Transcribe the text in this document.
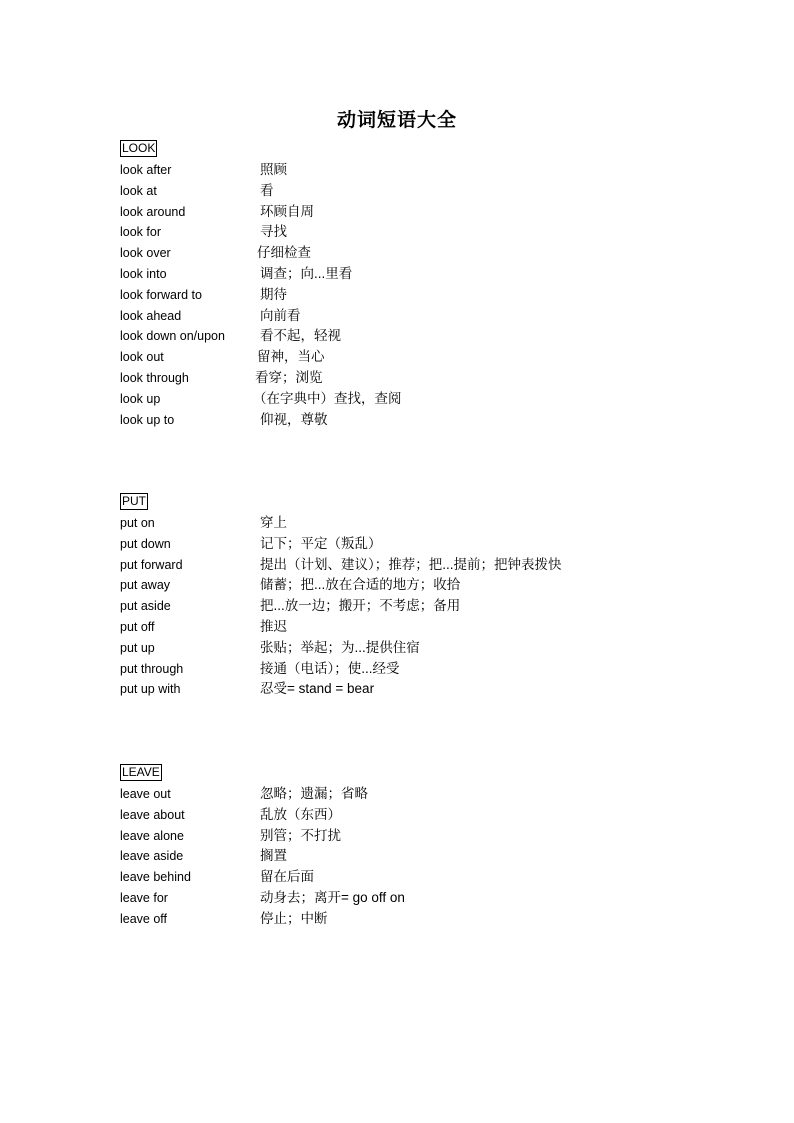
动词短语大全
LOOK
look after	照顾
look at	看
look around	环顾自周
look for	寻找
look over	仔细检查
look into	调查；向...里看
look forward to	期待
look ahead	向前看
look down on/upon	看不起，轻视
look out	留神，当心
look through	看穿；浏览
look up	（在字典中）查找，查阅
look up to	仰视，尊敬
PUT
put on	穿上
put down	记下；平定（叛乱）
put forward	提出（计划、建议）；推荐；把...提前；把钟表拨快
put away	储蓄；把...放在合适的地方；收拾
put aside	把...放一边；搬开；不考虑；备用
put off	推迟
put up	张贴；举起；为...提供住宿
put through	接通（电话）；使...经受
put up with	忍受= stand = bear
LEAVE
leave out	忽略；遗漏；省略
leave about	乱放（东西）
leave alone	别管；不打扰
leave aside	搁置
leave behind	留在后面
leave for	动身去；离开= go off on
leave off	停止；中断
